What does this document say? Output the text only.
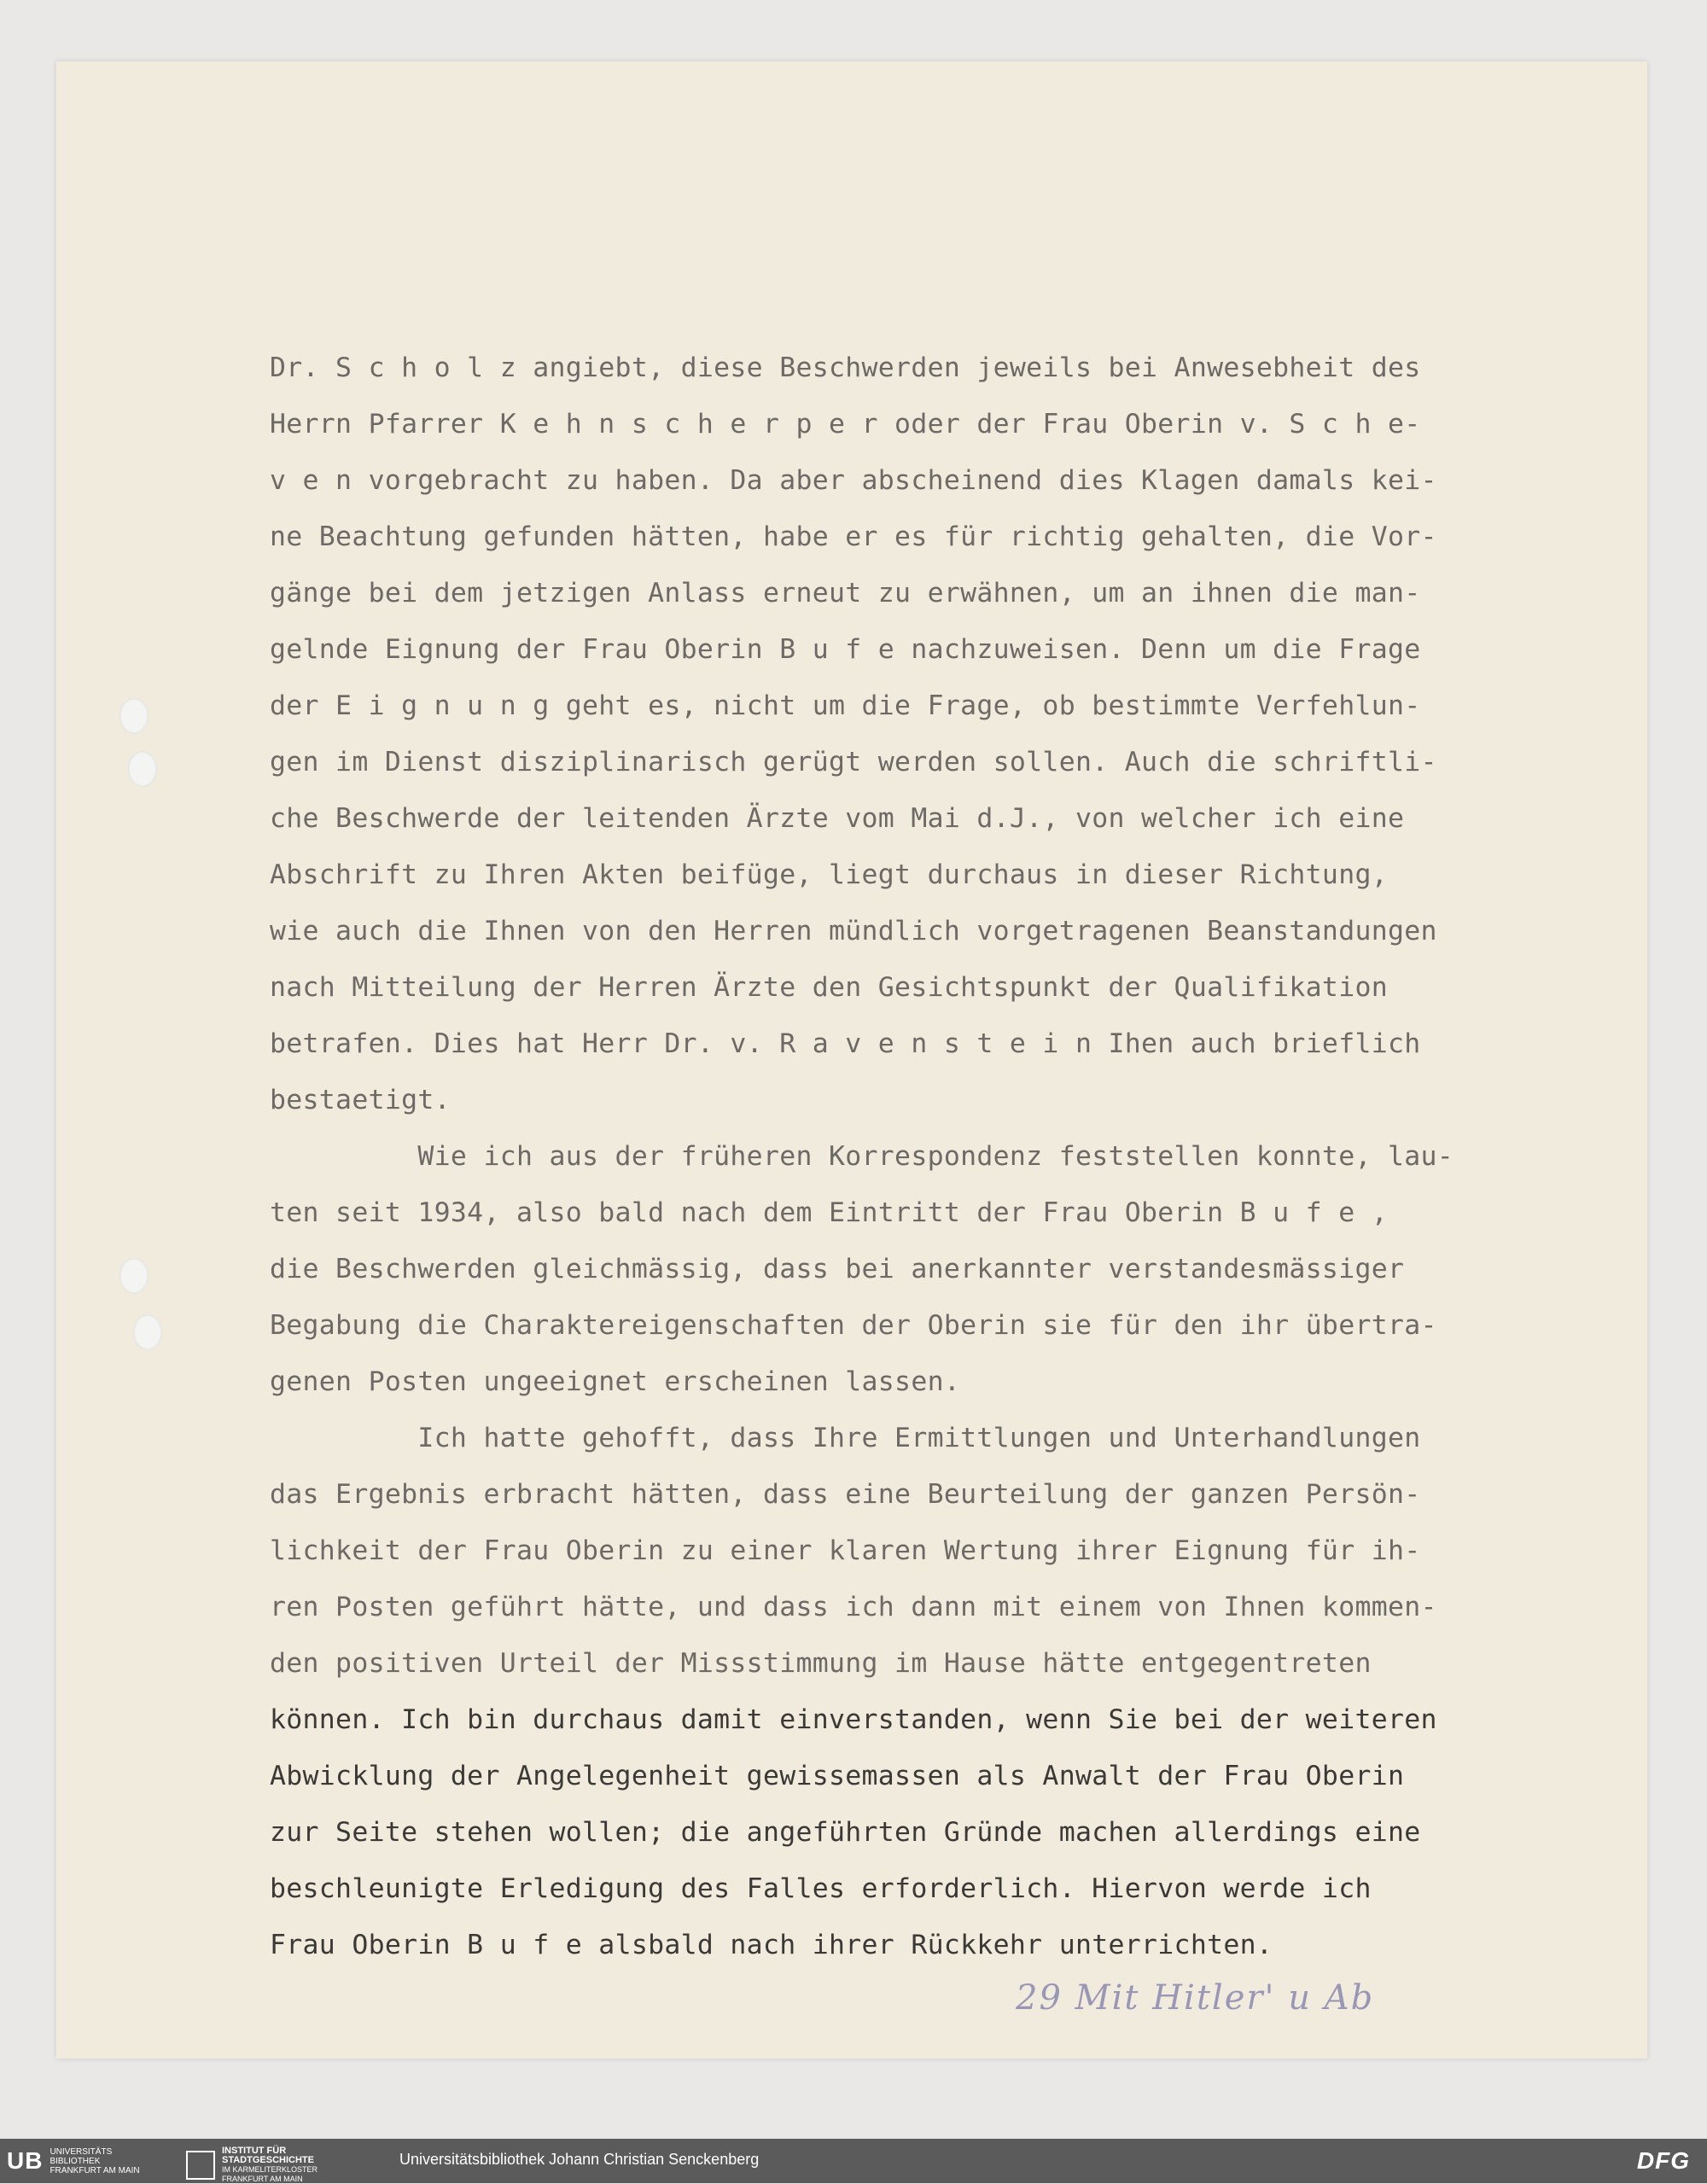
Dr. S c h o l z angiebt, diese Beschwerden jeweils bei Anwesebheit des
Herrn Pfarrer K e h n s c h e r p e r oder der Frau Oberin v. S c h e-
v e n vorgebracht zu haben. Da aber abscheinend dies Klagen damals kei-
ne Beachtung gefunden hätten, habe er es für richtig gehalten, die Vor-
gänge bei dem jetzigen Anlass erneut zu erwähnen, um an ihnen die man-
gelnde Eignung der Frau Oberin B u f e nachzuweisen. Denn um die Frage
der E i g n u n g geht es, nicht um die Frage, ob bestimmte Verfehlun-
gen im Dienst disziplinarisch gerügt werden sollen. Auch die schriftli-
che Beschwerde der leitenden Ärzte vom Mai d.J., von welcher ich eine
Abschrift zu Ihren Akten beifüge, liegt durchaus in dieser Richtung,
wie auch die Ihnen von den Herren mündlich vorgetragenen Beanstandungen
nach Mitteilung der Herren Ärzte den Gesichtspunkt der Qualifikation
betrafen. Dies hat Herr Dr. v. R a v e n s t e i n Ihen auch brieflich
bestaetigt.
Wie ich aus der früheren Korrespondenz feststellen konnte, lau-
ten seit 1934, also bald nach dem Eintritt der Frau Oberin B u f e ,
die Beschwerden gleichmässig, dass bei anerkannter verstandesmässiger
Begabung die Charaktereigenschaften der Oberin sie für den ihr übertra-
genen Posten ungeeignet erscheinen lassen.
Ich hatte gehofft, dass Ihre Ermittlungen und Unterhandlungen
das Ergebnis erbracht hätten, dass eine Beurteilung der ganzen Persön-
lichkeit der Frau Oberin zu einer klaren Wertung ihrer Eignung für ih-
ren Posten geführt hätte, und dass ich dann mit einem von Ihnen kommen-
den positiven Urteil der Missstimmung im Hause hätte entgegentreten
können. Ich bin durchaus damit einverstanden, wenn Sie bei der weiteren
Abwicklung der Angelegenheit gewissemassen als Anwalt der Frau Oberin
zur Seite stehen wollen; die angeführten Gründe machen allerdings eine
beschleunigte Erledigung des Falles erforderlich. Hiervon werde ich
Frau Oberin B u f e alsbald nach ihrer Rückkehr unterrichten.
29 Mit Hitler' u Ab
UB UNIVERSITÄTS
BIBLIOTHEK
FRANKFURT AM MAIN
INSTITUT FÜR
STADTGESCHICHTE
IM KARMELITERKLOSTER
FRANKFURT AM MAIN
Universitätsbibliothek Johann Christian Senckenberg	DFG
